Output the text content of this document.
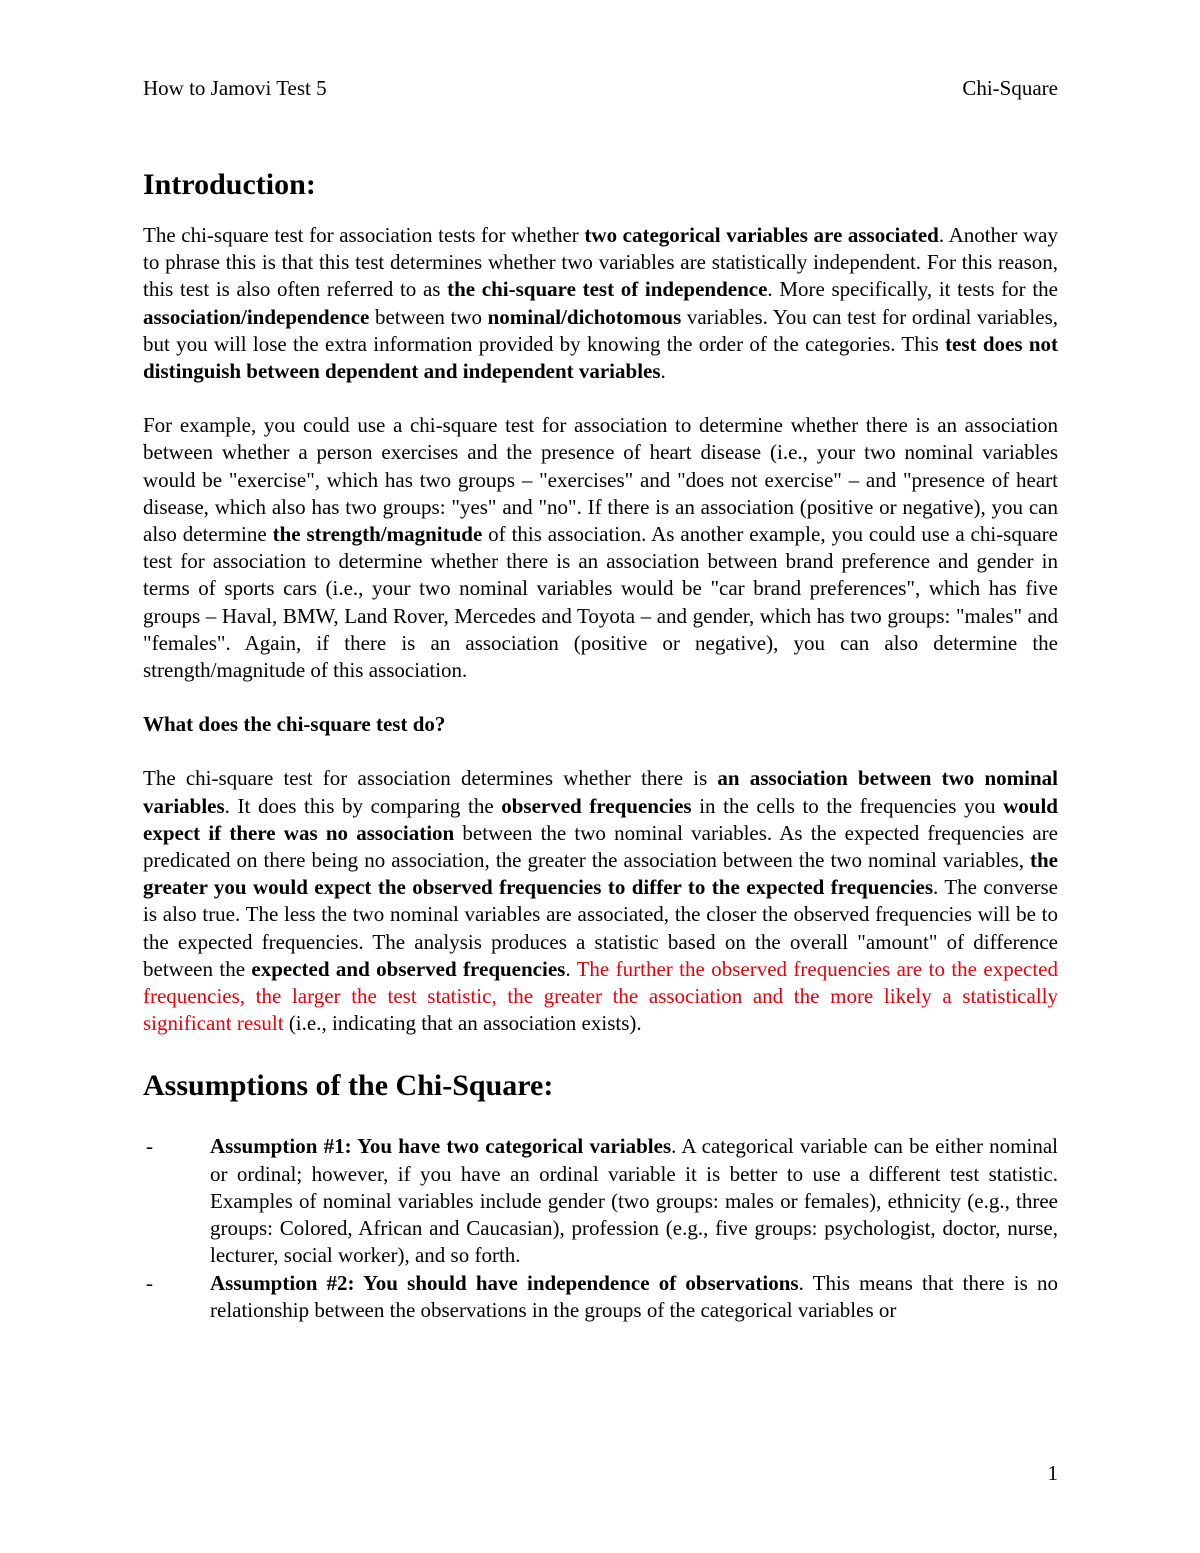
How to Jamovi Test 5	Chi-Square
Introduction:

The chi-square test for association tests for whether two categorical variables are associated. Another way to phrase this is that this test determines whether two variables are statistically independent. For this reason, this test is also often referred to as the chi-square test of independence. More specifically, it tests for the association/independence between two nominal/dichotomous variables. You can test for ordinal variables, but you will lose the extra information provided by knowing the order of the categories. This test does not distinguish between dependent and independent variables.

For example, you could use a chi-square test for association to determine whether there is an association between whether a person exercises and the presence of heart disease (i.e., your two nominal variables would be "exercise", which has two groups – "exercises" and "does not exercise" – and "presence of heart disease, which also has two groups: "yes" and "no". If there is an association (positive or negative), you can also determine the strength/magnitude of this association. As another example, you could use a chi-square test for association to determine whether there is an association between brand preference and gender in terms of sports cars (i.e., your two nominal variables would be "car brand preferences", which has five groups – Haval, BMW, Land Rover, Mercedes and Toyota – and gender, which has two groups: "males" and "females". Again, if there is an association (positive or negative), you can also determine the strength/magnitude of this association.

What does the chi-square test do?

The chi-square test for association determines whether there is an association between two nominal variables. It does this by comparing the observed frequencies in the cells to the frequencies you would expect if there was no association between the two nominal variables. As the expected frequencies are predicated on there being no association, the greater the association between the two nominal variables, the greater you would expect the observed frequencies to differ to the expected frequencies. The converse is also true. The less the two nominal variables are associated, the closer the observed frequencies will be to the expected frequencies. The analysis produces a statistic based on the overall "amount" of difference between the expected and observed frequencies. The further the observed frequencies are to the expected frequencies, the larger the test statistic, the greater the association and the more likely a statistically significant result (i.e., indicating that an association exists).

Assumptions of the Chi-Square:
-	Assumption #1: You have two categorical variables. A categorical variable can be either nominal or ordinal; however, if you have an ordinal variable it is better to use a different test statistic. Examples of nominal variables include gender (two groups: males or females), ethnicity (e.g., three groups: Colored, African and Caucasian), profession (e.g., five groups: psychologist, doctor, nurse, lecturer, social worker), and so forth.
-	Assumption #2: You should have independence of observations. This means that there is no relationship between the observations in the groups of the categorical variables or
1
